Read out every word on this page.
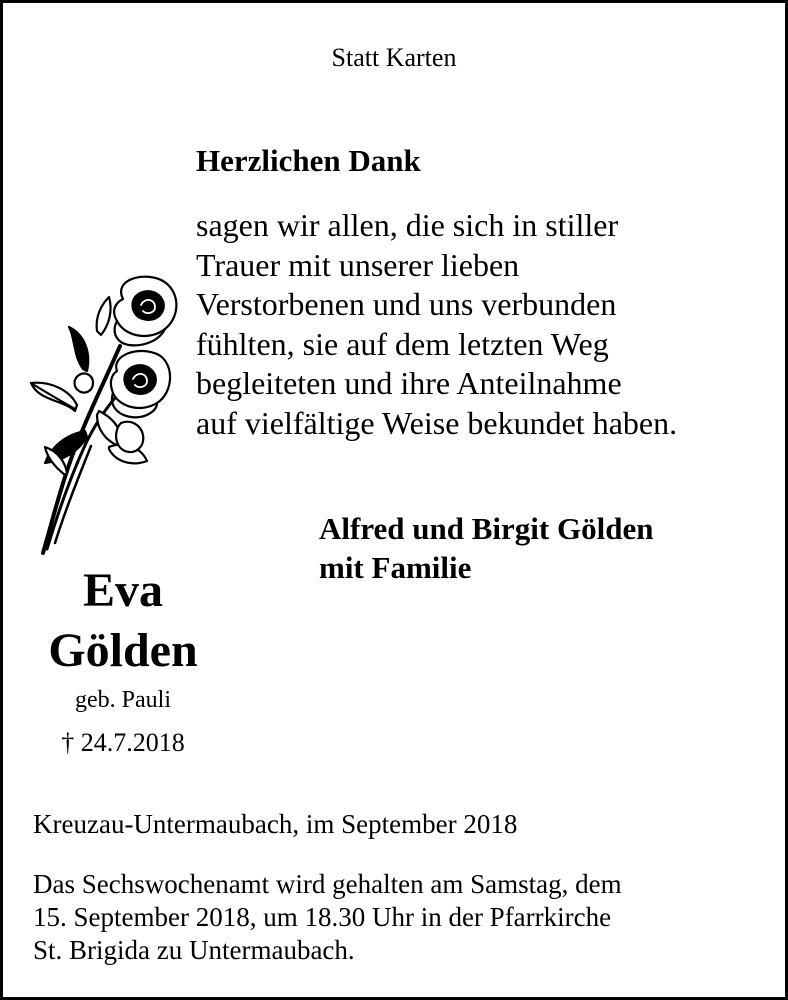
Statt Karten
Herzlichen Dank
sagen wir allen, die sich in stiller
Trauer mit unserer lieben
Verstorbenen und uns verbunden
fühlten, sie auf dem letzten Weg
begleiteten und ihre Anteilnahme
auf vielfältige Weise bekundet haben.
Alfred und Birgit Gölden
mit Familie
Eva
Gölden
geb. Pauli
† 24.7.2018
Kreuzau-Untermaubach, im September 2018
Das Sechswochenamt wird gehalten am Samstag, dem
15. September 2018, um 18.30 Uhr in der Pfarrkirche
St. Brigida zu Untermaubach.
